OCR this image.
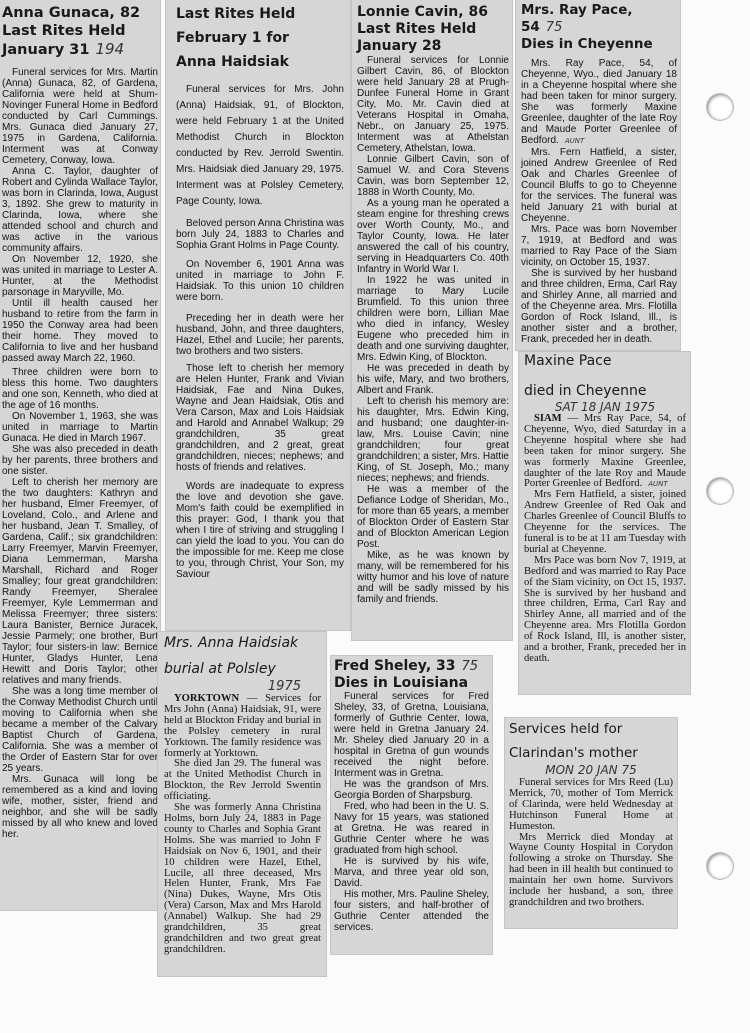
Anna Gunaca, 82
Last Rites Held
January 31 194

Funeral services for Mrs. Martin (Anna) Gunaca, 82, of Gardena, California were held at Shum-Novinger Funeral Home in Bedford conducted by Carl Cummings. Mrs. Gunaca died January 27, 1975 in Gardena, California. Interment was at Conway Cemetery, Conway, Iowa.

Anna C. Taylor, daughter of Robert and Cylinda Wallace Taylor, was born in Clarinda, Iowa, August 3, 1892. She grew to maturity in Clarinda, Iowa, where she attended school and church and was active in the various community affairs.

On November 12, 1920, she was united in marriage to Lester A. Hunter, at the Methodist parsonage in Maryville, Mo.

Until ill health caused her husband to retire from the farm in 1950 the Conway area had been their home. They moved to California to live and her husband passed away March 22, 1960.

Three children were born to bless this home. Two daughters and one son, Kenneth, who died at the age of 16 months.

On November 1, 1963, she was united in marriage to Martin Gunaca. He died in March 1967.

She was also preceded in death by her parents, three brothers and one sister.

Left to cherish her memory are the two daughters: Kathryn and her husband, Elmer Freemyer, of Loveland, Colo., and Arlene and her husband, Jean T. Smalley, of Gardena, Calif.; six grandchildren: Larry Freemyer, Marvin Freemyer, Diana Lemmerman, Marsha Marshall, Richard and Roger Smalley; four great grandchildren: Randy Freemyer, Sheralee Freemyer, Kyle Lemmerman and Melissa Freemyer; three sisters: Laura Banister, Bernice Juracek, Jessie Parmely; one brother, Burt Taylor; four sisters-in law: Bernice Hunter, Gladys Hunter, Lena Hewitt and Doris Taylor; other relatives and many friends.

She was a long time member of the Conway Methodist Church until moving to California when she became a member of the Calvary Baptist Church of Gardena, California. She was a member of the Order of Eastern Star for over 25 years.

Mrs. Gunaca will long be remembered as a kind and loving wife, mother, sister, friend and neighbor, and she will be sadly missed by all who knew and loved her.

Last Rites Held
February 1 for
Anna Haidsiak

Funeral services for Mrs. John (Anna) Haidsiak, 91, of Blockton, were held February 1 at the United Methodist Church in Blockton conducted by Rev. Jerrold Swentin. Mrs. Haidsiak died January 29, 1975. Interment was at Polsley Cemetery, Page County, Iowa.

Beloved person Anna Christina was born July 24, 1883 to Charles and Sophia Grant Holms in Page County.

On November 6, 1901 Anna was united in marriage to John F. Haidsiak. To this union 10 children were born.

Preceding her in death were her husband, John, and three daughters, Hazel, Ethel and Lucile; her parents, two brothers and two sisters.

Those left to cherish her memory are Helen Hunter, Frank and Vivian Haidsiak, Fae and Nina Dukes, Wayne and Jean Haidsiak, Otis and Vera Carson, Max and Lois Haidsiak and Harold and Annabel Walkup; 29 grandchildren, 35 great grandchildren, and 2 great, great grandchildren, nieces; nephews; and hosts of friends and relatives.

Words are inadequate to express the love and devotion she gave. Mom's faith could be exemplified in this prayer: God, I thank you that when I tire of striving and struggling I can yield the load to you. You can do the impossible for me. Keep me close to you, through Christ, Your Son, my Saviour

Mrs. Anna Haidsiak
burial at Polsley
1975

YORKTOWN — Services for Mrs John (Anna) Haidsiak, 91, were held at Blockton Friday and burial in the Polsley cemetery in rural Yorktown. The family residence was formerly at Yorktown.

She died Jan 29. The funeral was at the United Methodist Church in Blockton, the Rev Jerrold Swentin officiating.

She was formerly Anna Christina Holms, born July 24, 1883 in Page county to Charles and Sophia Grant Holms. She was married to John F Haidsiak on Nov 6, 1901, and their 10 children were Hazel, Ethel, Lucile, all three deceased, Mrs Helen Hunter, Frank, Mrs Fae (Nina) Dukes, Wayne, Mrs Otis (Vera) Carson, Max and Mrs Harold (Annabel) Walkup. She had 29 grandchildren, 35 great grandchildren and two great great grandchildren.

Lonnie Cavin, 86
Last Rites Held
January 28

Funeral services for Lonnie Gilbert Cavin, 86, of Blockton were held January 28 at Prugh-Dunfee Funeral Home in Grant City, Mo. Mr. Cavin died at Veterans Hospital in Omaha, Nebr., on January 25, 1975. Interment was at Athelstan Cemetery, Athelstan, Iowa.

Lonnie Gilbert Cavin, son of Samuel W. and Cora Stevens Cavin, was born September 12, 1888 in Worth County, Mo.

As a young man he operated a steam engine for threshing crews over Worth County, Mo., and Taylor County, Iowa. He later answered the call of his country, serving in Headquarters Co. 40th Infantry in World War I.

In 1922 he was united in marriage to Mary Lucile Brumfield. To this union three children were born, Lillian Mae who died in infancy, Wesley Eugene who preceded him in death and one surviving daughter, Mrs. Edwin King, of Blockton.

He was preceded in death by his wife, Mary, and two brothers, Albert and Frank.

Left to cherish his memory are: his daughter, Mrs. Edwin King, and husband; one daughter-in-law, Mrs. Louise Cavin; nine grandchildren; four great grandchildren; a sister, Mrs. Hattie King, of St. Joseph, Mo.; many nieces; nephews; and friends.

He was a member of the Defiance Lodge of Sheridan, Mo., for more than 65 years, a member of Blockton Order of Eastern Star and of Blockton American Legion Post.

Mike, as he was known by many, will be remembered for his witty humor and his love of nature and will be sadly missed by his family and friends.

Fred Sheley, 33 75
Dies in Louisiana

Funeral services for Fred Sheley, 33, of Gretna, Louisiana, formerly of Guthrie Center, Iowa, were held in Gretna January 24. Mr. Sheley died January 20 in a hospital in Gretna of gun wounds received the night before. Interment was in Gretna.

He was the grandson of Mrs. Georgia Borden of Sharpsburg.

Fred, who had been in the U. S. Navy for 15 years, was stationed at Gretna. He was reared in Guthrie Center where he was graduated from high school.

He is survived by his wife, Marva, and three year old son, David.

His mother, Mrs. Pauline Sheley, four sisters, and half-brother of Guthrie Center attended the services.

Mrs. Ray Pace, 54 75
Dies in Cheyenne

Mrs. Ray Pace, 54, of Cheyenne, Wyo., died January 18 in a Cheyenne hospital where she had been taken for minor surgery. She was formerly Maxine Greenlee, daughter of the late Roy and Maude Porter Greenlee of Bedford. AUNT

Mrs. Fern Hatfield, a sister, joined Andrew Greenlee of Red Oak and Charles Greenlee of Council Bluffs to go to Cheyenne for the services. The funeral was held January 21 with burial at Cheyenne.

Mrs. Pace was born November 7, 1919, at Bedford and was married to Ray Pace of the Siam vicinity, on October 15, 1937.

She is survived by her husband and three children, Erma, Carl Ray and Shirley Anne, all married and of the Cheyenne area. Mrs. Flotilla Gordon of Rock Island, Ill., is another sister and a brother, Frank, preceded her in death.

Maxine Pace
died in Cheyenne
SAT 18 JAN 1975

SIAM — Mrs Ray Pace, 54, of Cheyenne, Wyo, died Saturday in a Cheyenne hospital where she had been taken for minor surgery. She was formerly Maxine Greenlee, daughter of the late Roy and Maude Porter Greenlee of Bedford. AUNT

Mrs Fern Hatfield, a sister, joined Andrew Greenlee of Red Oak and Charles Greenlee of Council Bluffs to Cheyenne for the services. The funeral is to be at 11 am Tuesday with burial at Cheyenne.

Mrs Pace was born Nov 7, 1919, at Bedford and was married to Ray Pace of the Siam vicinity, on Oct 15, 1937. She is survived by her husband and three children, Erma, Carl Ray and Shirley Anne, all married and of the Cheyenne area. Mrs Flotilla Gordon of Rock Island, Ill, is another sister, and a brother, Frank, preceded her in death.

Services held for
Clarindan's mother
MON 20 JAN 75

Funeral services for Mrs Reed (Lu) Merrick, 70, mother of Tom Merrick of Clarinda, were held Wednesday at Hutchinson Funeral Home at Humeston.

Mrs Merrick died Monday at Wayne County Hospital in Corydon following a stroke on Thursday. She had been in ill health but continued to maintain her own home. Survivors include her husband, a son, three grandchildren and two brothers.
